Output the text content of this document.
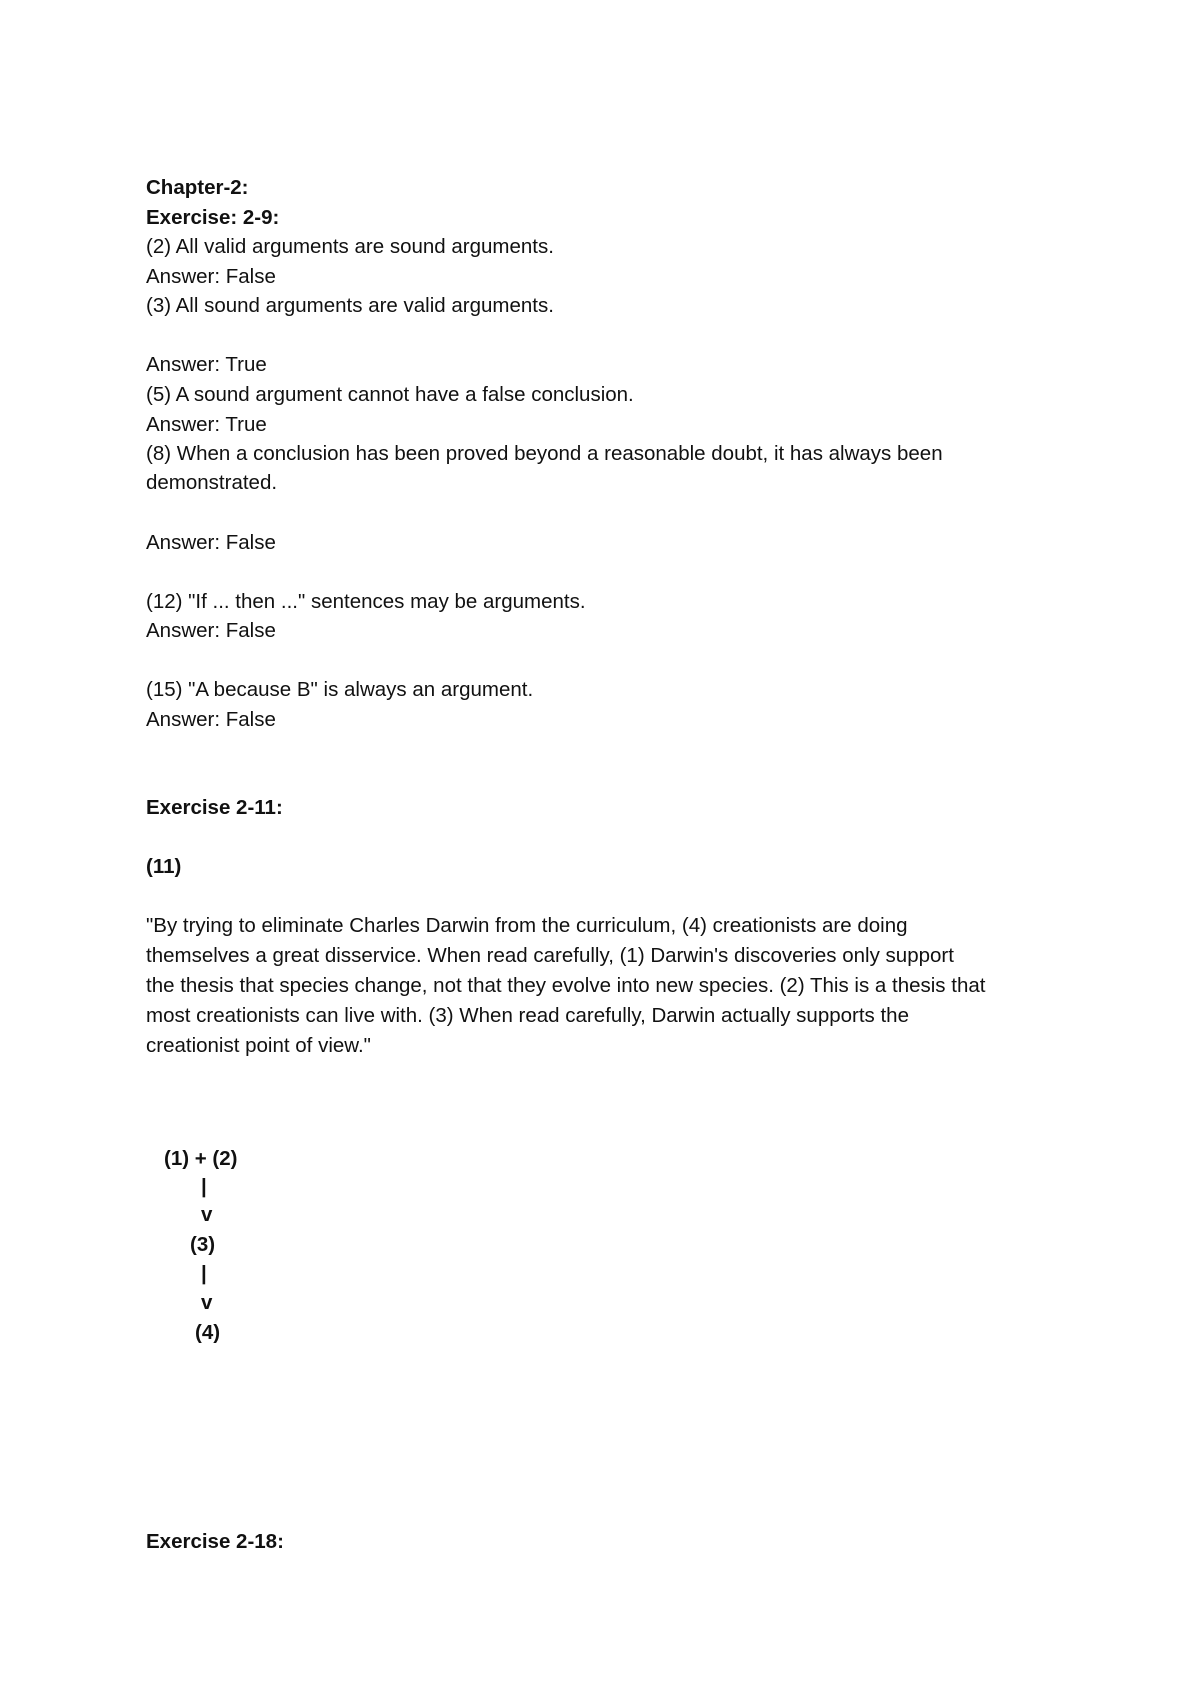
Chapter-2:

Exercise: 2-9:

(2) All valid arguments are sound arguments.

Answer: False

(3) All sound arguments are valid arguments.

Answer: True

(5) A sound argument cannot have a false conclusion.

Answer: True

(8) When a conclusion has been proved beyond a reasonable doubt, it has always been

demonstrated.

Answer: False

(12) "If ... then ..." sentences may be arguments.

Answer: False

(15) "A because B" is always an argument.

Answer: False

Exercise 2-11:

(11)

"By trying to eliminate Charles Darwin from the curriculum, (4) creationists are doing
themselves a great disservice. When read carefully, (1) Darwin's discoveries only support
the thesis that species change, not that they evolve into new species. (2) This is a thesis that
most creationists can live with. (3) When read carefully, Darwin actually supports the
creationist point of view."
(1) + (2)
|
v
(3)
|
v
(4)

Exercise 2-18:
